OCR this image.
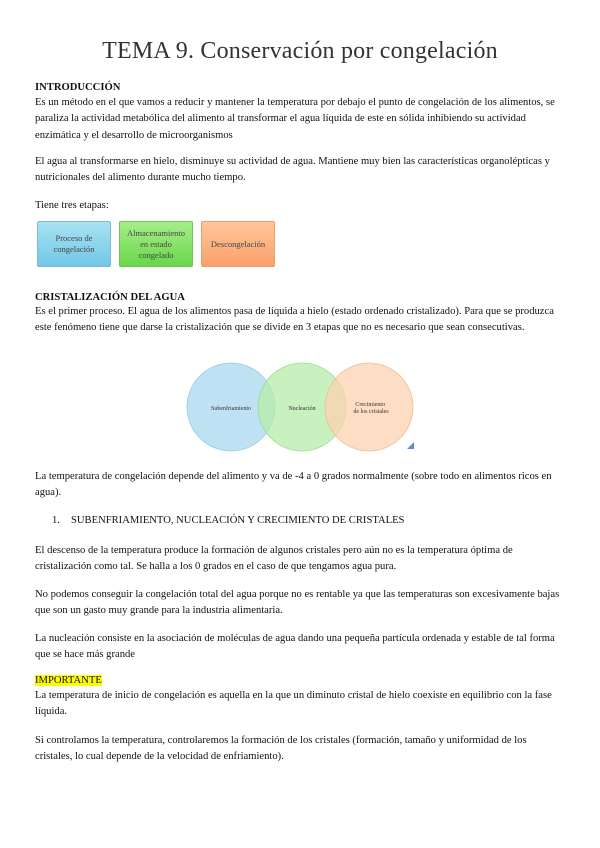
TEMA 9. Conservación por congelación
INTRODUCCIÓN
Es un método en el que vamos a reducir y mantener la temperatura por debajo el punto de congelación de los alimentos, se paraliza la actividad metabólica del alimento al transformar el agua líquida de este en sólida inhibiendo su actividad enzimática y el desarrollo de microorganismos
El agua al transformarse en hielo, disminuye su actividad de agua. Mantiene muy bien las características organolépticas y nutricionales del alimento durante mucho tiempo.
Tiene tres etapas:
Proceso de congelación
Almacenamiento en estado congelado
Descongelación
CRISTALIZACIÓN DEL AGUA
Es el primer proceso. El agua de los alimentos pasa de líquida a hielo (estado ordenado cristalizado). Para que se produzca este fenómeno tiene que darse la cristalización que se divide en 3 etapas que no es necesario que sean consecutivas.
Subenfriamiento	Nucleación
Crecimiento de los cristales
La temperatura de congelación depende del alimento y va de -4 a 0 grados normalmente (sobre todo en alimentos ricos en agua).
1. SUBENFRIAMIENTO, NUCLEACIÓN Y CRECIMIENTO DE CRISTALES
El descenso de la temperatura produce la formación de algunos cristales pero aún no es la temperatura óptima de cristalización como tal. Se halla a los 0 grados en el caso de que tengamos agua pura.
No podemos conseguir la congelación total del agua porque no es rentable ya que las temperaturas son excesivamente bajas que son un gasto muy grande para la industria alimentaria.
La nucleación consiste en la asociación de moléculas de agua dando una pequeña partícula ordenada y estable de tal forma que se hace más grande
IMPORTANTE
La temperatura de inicio de congelación es aquella en la que un diminuto cristal de hielo coexiste en equilibrio con la fase líquida.
Si controlamos la temperatura, controlaremos la formación de los cristales (formación, tamaño y uniformidad de los cristales, lo cual depende de la velocidad de enfriamiento).
